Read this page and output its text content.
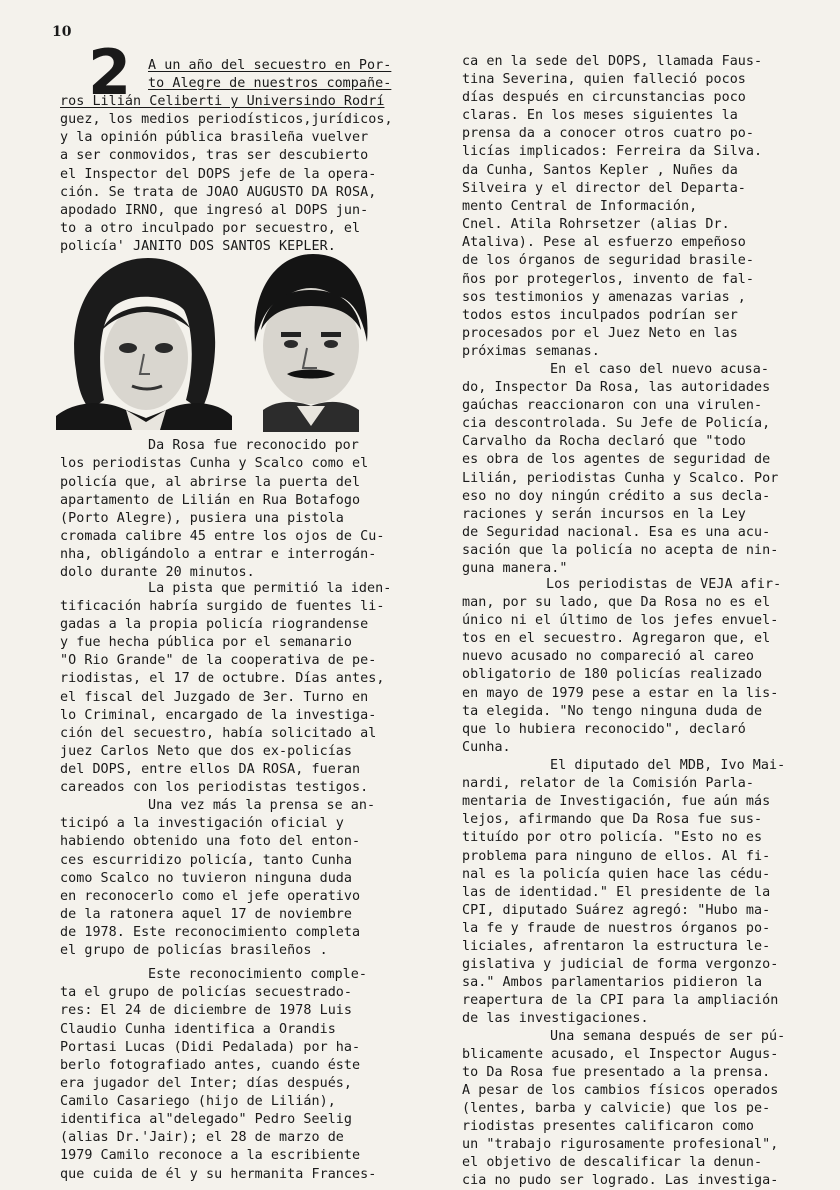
10
2 A un año del secuestro en Por-
to Alegre de nuestros compañe-
ros Lilián Celiberti y Universindo Rodrí
guez, los medios periodísticos,jurídicos,
y la opinión pública brasileña vuelver
a ser conmovidos, tras ser descubierto
el Inspector del DOPS jefe de la opera-
ción. Se trata de JOAO AUGUSTO DA ROSA,
apodado IRNO, que ingresó al DOPS jun-
to a otro inculpado por secuestro, el
policía' JANITO DOS SANTOS KEPLER.
Da Rosa fue reconocido por
los periodistas Cunha y Scalco como el
policía que, al abrirse la puerta del
apartamento de Lilián en Rua Botafogo
(Porto Alegre), pusiera una pistola
cromada calibre 45 entre los ojos de Cu-
nha, obligándolo a entrar e interrogán-
dolo durante 20 minutos.
La pista que permitió la iden-
tificación habría surgido de fuentes li-
gadas a la propia policía riograndense
y fue hecha pública por el semanario
"O Rio Grande" de la cooperativa de pe-
riodistas, el 17 de octubre. Días antes,
el fiscal del Juzgado de 3er. Turno en
lo Criminal, encargado de la investiga-
ción del secuestro, había solicitado al
juez Carlos Neto que dos ex-policías
del DOPS, entre ellos DA ROSA, fueran
careados con los periodistas testigos.
Una vez más la prensa se an-
ticipó a la investigación oficial y
habiendo obtenido una foto del enton-
ces escurridizo policía, tanto Cunha
como Scalco no tuvieron ninguna duda
en reconocerlo como el jefe operativo
de la ratonera aquel 17 de noviembre
de 1978. Este reconocimiento completa
el grupo de policías brasileños .
Este reconocimiento comple-
ta el grupo de policías secuestrado-
res: El 24 de diciembre de 1978 Luis
Claudio Cunha identifica a Orandis
Portasi Lucas (Didi Pedalada) por ha-
berlo fotografiado antes, cuando éste
era jugador del Inter; días después,
Camilo Casariego (hijo de Lilián),
identifica al"delegado" Pedro Seelig
(alias Dr.'Jair); el 28 de marzo de
1979 Camilo reconoce a la escribiente
que cuida de él y su hermanita Frances-
ca en la sede del DOPS, llamada Faus-
tina Severina, quien falleció pocos
días después en circunstancias poco
claras. En los meses siguientes la
prensa da a conocer otros cuatro po-
licías implicados: Ferreira da Silva.
da Cunha, Santos Kepler , Nuñes da
Silveira y el director del Departa-
mento Central de Información,
Cnel. Atila Rohrsetzer (alias Dr.
Ataliva). Pese al esfuerzo empeñoso
de los órganos de seguridad brasile-
ños por protegerlos, invento de fal-
sos testimonios y amenazas varias ,
todos estos inculpados podrían ser
procesados por el Juez Neto en las
próximas semanas.
En el caso del nuevo acusa-
do, Inspector Da Rosa, las autoridades
gaúchas reaccionaron con una virulen-
cia descontrolada. Su Jefe de Policía,
Carvalho da Rocha declaró que "todo
es obra de los agentes de seguridad de
Lilián, periodistas Cunha y Scalco. Por
eso no doy ningún crédito a sus decla-
raciones y serán incursos en la Ley
de Seguridad nacional. Esa es una acu-
sación que la policía no acepta de nin-
guna manera."
Los periodistas de VEJA afir-
man, por su lado, que Da Rosa no es el
único ni el último de los jefes envuel-
tos en el secuestro. Agregaron que, el
nuevo acusado no compareció al careo
obligatorio de 180 policías realizado
en mayo de 1979 pese a estar en la lis-
ta elegida. "No tengo ninguna duda de
que lo hubiera reconocido", declaró
Cunha.
El diputado del MDB, Ivo Mai-
nardi, relator de la Comisión Parla-
mentaria de Investigación, fue aún más
lejos, afirmando que Da Rosa fue sus-
tituído por otro policía. "Esto no es
problema para ninguno de ellos. Al fi-
nal es la policía quien hace las cédu-
las de identidad." El presidente de la
CPI, diputado Suárez agregó: "Hubo ma-
la fe y fraude de nuestros órganos po-
liciales, afrentaron la estructura le-
gislativa y judicial de forma vergonzo-
sa." Ambos parlamentarios pidieron la
reapertura de la CPI para la ampliación
de las investigaciones.
Una semana después de ser pú-
blicamente acusado, el Inspector Augus-
to Da Rosa fue presentado a la prensa.
A pesar de los cambios físicos operados
(lentes, barba y calvicie) que los pe-
riodistas presentes calificaron como
un "trabajo rigurosamente profesional",
el objetivo de descalificar la denun-
cia no pudo ser logrado. Las investiga-
